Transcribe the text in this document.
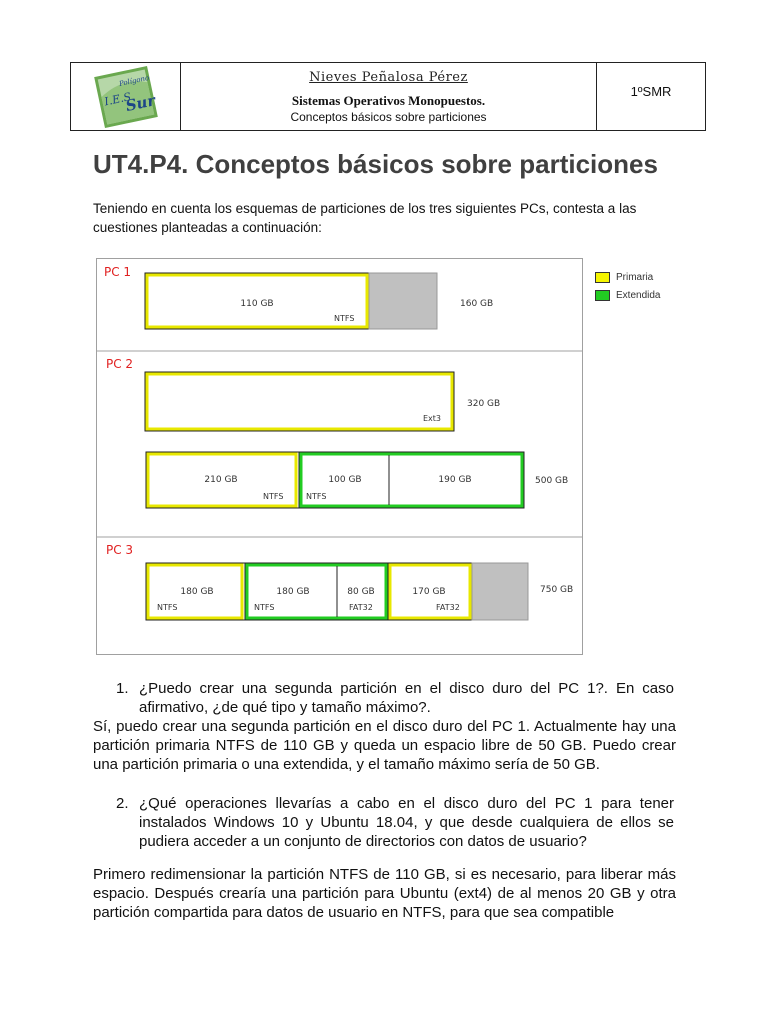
I.E.S
Sur
Polígono	Nieves Peñalosa Pérez
Sistemas Operativos Monopuestos.
Conceptos básicos sobre particiones
1ºSMR
UT4.P4. Conceptos básicos sobre particiones
Teniendo en cuenta los esquemas de particiones de los tres siguientes PCs, contesta a las cuestiones planteadas a continuación:
PC 1
110 GB
NTFS
160 GB
PC 2
Ext3
320 GB
210 GB
NTFS
100 GB
NTFS
190 GB	500 GB
PC 3
180 GB
NTFS
180 GB
NTFS
80 GB
FAT32
170 GB
FAT32
750 GB
Primaria
Extendida
1. ¿Puedo crear una segunda partición en el disco duro del PC 1?. En caso afirmativo, ¿de qué tipo y tamaño máximo?.
Sí, puedo crear una segunda partición en el disco duro del PC 1. Actualmente hay una partición primaria NTFS de 110 GB y queda un espacio libre de 50 GB. Puedo crear una partición primaria o una extendida, y el tamaño máximo sería de 50 GB.
2. ¿Qué operaciones llevarías a cabo en el disco duro del PC 1 para tener instalados Windows 10 y Ubuntu 18.04, y que desde cualquiera de ellos se pudiera acceder a un conjunto de directorios con datos de usuario?
Primero redimensionar la partición NTFS de 110 GB, si es necesario, para liberar más espacio. Después crearía una partición para Ubuntu (ext4) de al menos 20 GB y otra partición compartida para datos de usuario en NTFS, para que sea compatible
